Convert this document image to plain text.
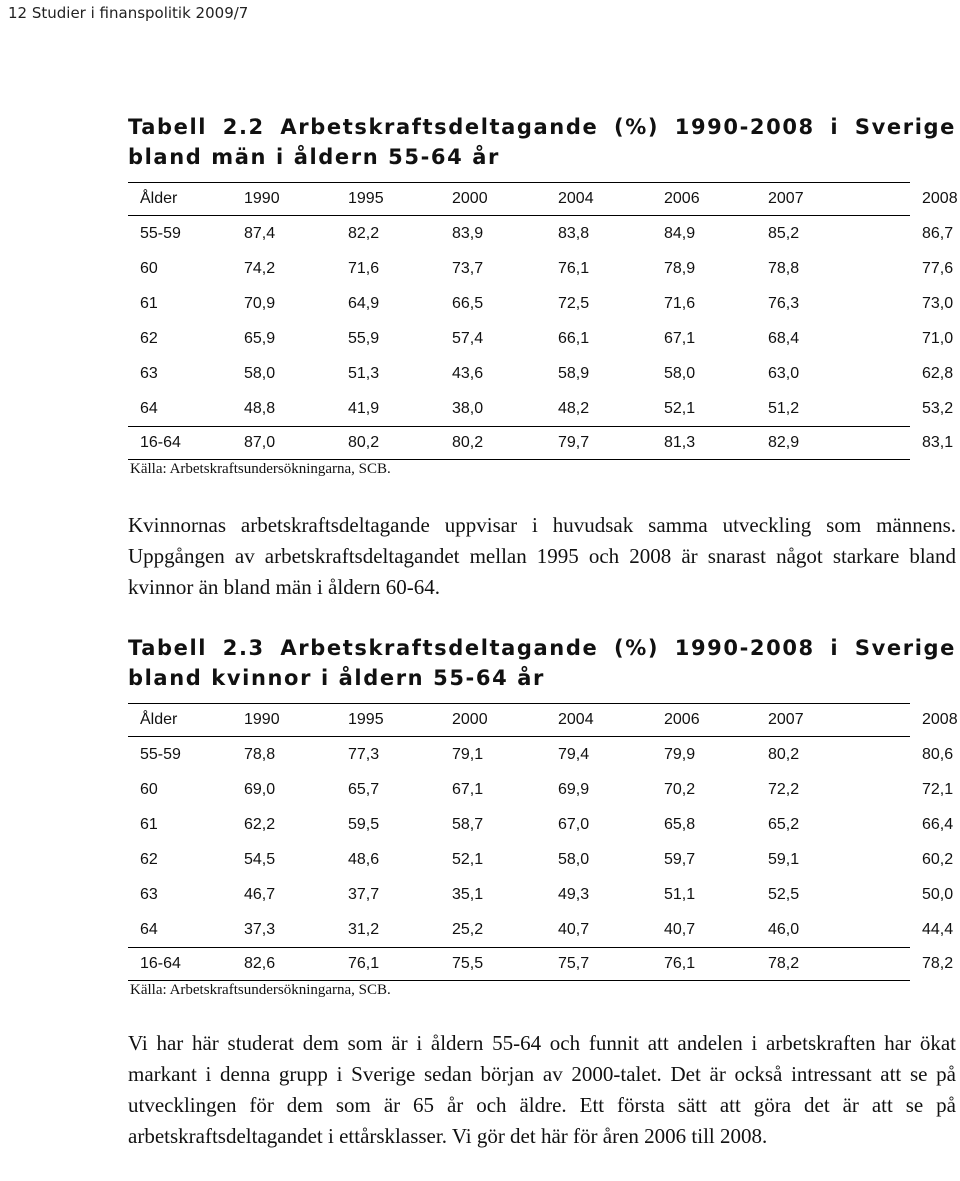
12 Studier i finanspolitik 2009/7
Tabell 2.2 Arbetskraftsdeltagande (%) 1990-2008 i Sverige bland män i åldern 55-64 år
Ålder	1990	1995	2000	2004	2006	2007	2008
55-59	87,4	82,2	83,9	83,8	84,9	85,2	86,7
60	74,2	71,6	73,7	76,1	78,9	78,8	77,6
61	70,9	64,9	66,5	72,5	71,6	76,3	73,0
62	65,9	55,9	57,4	66,1	67,1	68,4	71,0
63	58,0	51,3	43,6	58,9	58,0	63,0	62,8
64	48,8	41,9	38,0	48,2	52,1	51,2	53,2
16-64	87,0	80,2	80,2	79,7	81,3	82,9	83,1
Källa: Arbetskraftsundersökningarna, SCB.
Kvinnornas arbetskraftsdeltagande uppvisar i huvudsak samma utveckling som männens. Uppgången av arbetskraftsdeltagandet mellan 1995 och 2008 är snarast något starkare bland kvinnor än bland män i åldern 60-64.
Tabell 2.3 Arbetskraftsdeltagande (%) 1990-2008 i Sverige bland kvinnor i åldern 55-64 år
Ålder	1990	1995	2000	2004	2006	2007	2008
55-59	78,8	77,3	79,1	79,4	79,9	80,2	80,6
60	69,0	65,7	67,1	69,9	70,2	72,2	72,1
61	62,2	59,5	58,7	67,0	65,8	65,2	66,4
62	54,5	48,6	52,1	58,0	59,7	59,1	60,2
63	46,7	37,7	35,1	49,3	51,1	52,5	50,0
64	37,3	31,2	25,2	40,7	40,7	46,0	44,4
16-64	82,6	76,1	75,5	75,7	76,1	78,2	78,2
Källa: Arbetskraftsundersökningarna, SCB.
Vi har här studerat dem som är i åldern 55-64 och funnit att andelen i arbetskraften har ökat markant i denna grupp i Sverige sedan början av 2000-talet. Det är också intressant att se på utvecklingen för dem som är 65 år och äldre. Ett första sätt att göra det är att se på arbetskraftsdeltagandet i ettårsklasser. Vi gör det här för åren 2006 till 2008.
